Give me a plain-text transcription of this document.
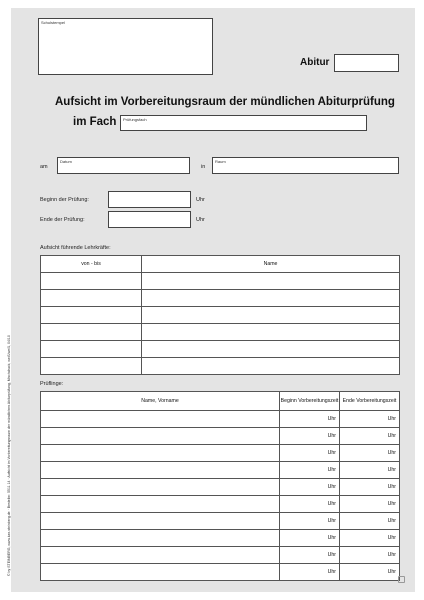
Schulstempel
Abitur
Aufsicht im Vorbereitungsraum der mündlichen Abiturprüfung
im Fach Prüfungsfach
am
Datum
in
Raum
Beginn der Prüfung:	Uhr
Ende der Prüfung:	Uhr
Aufsicht führende Lehrkräfte:
von - bis	Name

Prüflinge:
Name, Vorname	Beginn Vorbereitungszeit	Ende Vorbereitungszeit
	Uhr	Uhr
	Uhr	Uhr
	Uhr	Uhr
	Uhr	Uhr
	Uhr	Uhr
	Uhr	Uhr
	Uhr	Uhr
	Uhr	Uhr
	Uhr	Uhr
	Uhr	Uhr
© by STEINBERG, www.kzn-steinberg.de · Bestellnr. 5511 14 · Aufsicht im Vorbereitungsraum der mündlichen Abiturprüfung, Mischdruck, weiß/weiß, 04/10
